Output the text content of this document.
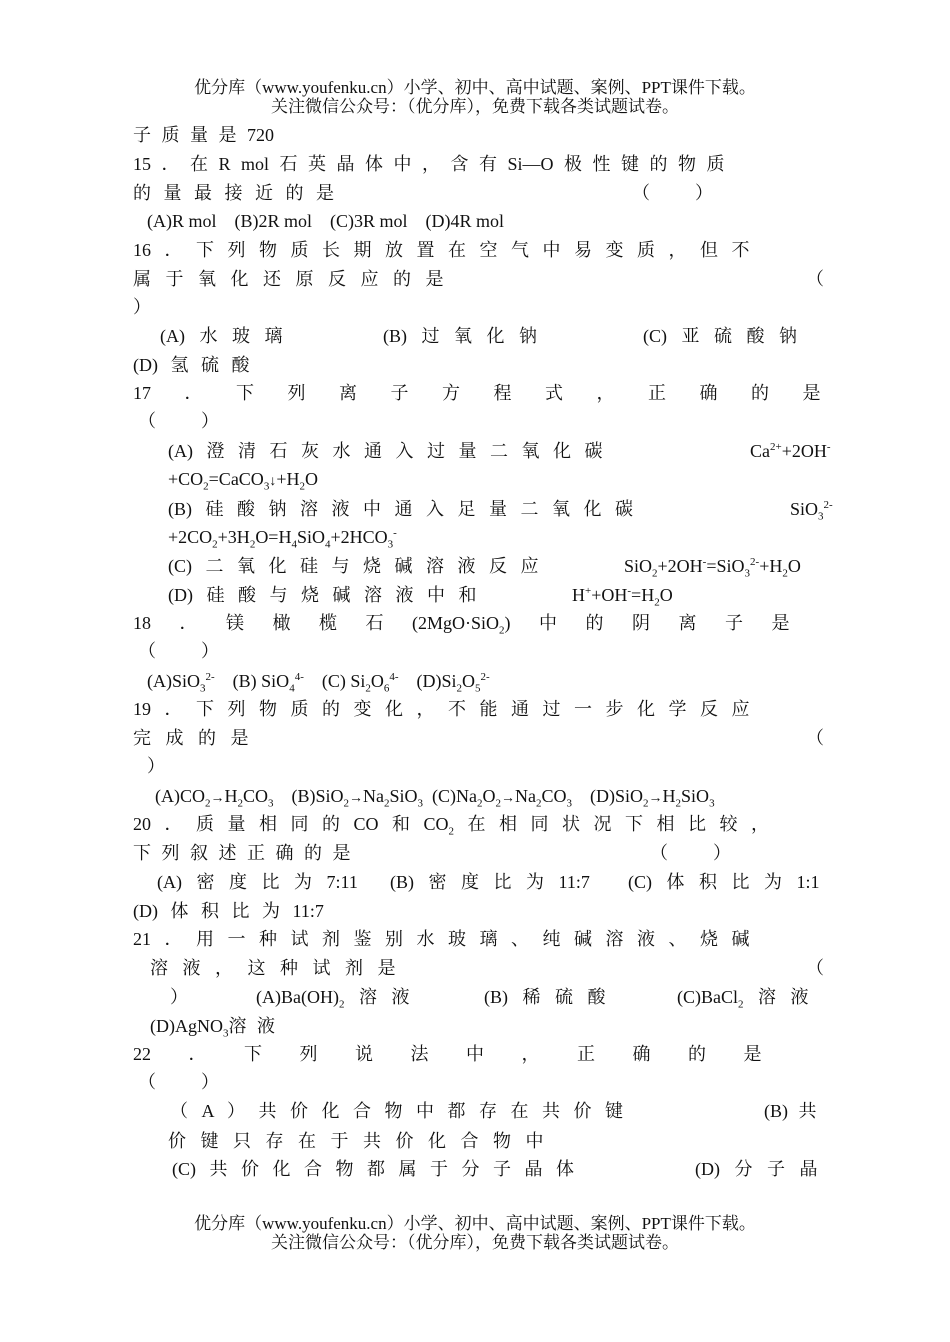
优分库（www.youfenku.cn）小学、初中、高中试题、案例、PPT课件下载。
关注微信公众号：（优分库），免费下载各类试题试卷。
子 质 量 是 720
15 ． 在 R mol 石 英 晶 体 中 ， 含 有 Si—O 极 性 键 的 物 质
的 量 最 接 近 的 是	（          ）
(A)R mol    (B)2R mol    (C)3R mol    (D)4R mol
16 ． 下 列 物 质 长 期 放 置 在 空 气 中 易 变 质 ， 但 不
属 于 氧 化 还 原 反 应 的 是	（
）
(A) 水 玻 璃	(B) 过 氧 化 钠	(C) 亚 硫 酸 钠
(D) 氢 硫 酸
17 ． 下 列 离 子 方 程 式 ， 正 确 的 是
（          ）
(A) 澄 清 石 灰 水 通 入 过 量 二 氧 化 碳	$Ca^{2+}+2OH^-$
$+CO_2=CaCO_3↓+H_2O$
(B) 硅 酸 钠 溶 液 中 通 入 足 量 二 氧 化 碳	SiO$_3^{2-}$
$+2CO_2+3H_2O=H_4SiO_4+2HCO_3^-$
(C) 二 氧 化 硅 与 烧 碱 溶 液 反 应	$SiO_2+2OH^-=SiO_3^{2-}+H_2O$
(D) 硅 酸 与 烧 碱 溶 液 中 和	$H^++OH^-=H_2O$
18 ． 镁 橄 榄 石 (2MgO·SiO$_2$) 中 的 阴 离 子 是
（          ）
(A)SiO$_3^{2-}$    (B) SiO$_4^{4-}$    (C) $Si_2O_6^{4-}$    $(D)Si_2O_5^{2-}$
19 ． 下 列 物 质 的 变 化 ， 不 能 通 过 一 步 化 学 反 应
完 成 的 是	（
）
$(A)CO_2\to H_2CO_3$    $(B)SiO_2\to Na_2SiO_3$  $(C)Na_2O_2\to Na_2CO_3$    $(D)SiO_2\to H_2SiO_3$
20 ． 质 量 相 同 的 CO 和 $CO_2$ 在 相 同 状 况 下 相 比 较 ，
下 列 叙 述 正 确 的 是	（          ）
(A) 密 度 比 为 7:11 (B) 密 度 比 为 11:7 (C) 体 积 比 为 1:1
(D) 体 积 比 为 11:7
21 ． 用 一 种 试 剂 鉴 别 水 玻 璃 、 纯 碱 溶 液 、 烧 碱
溶 液 ， 这 种 试 剂 是	（
）	$(A)Ba(OH)_2$ 溶 液	(B) 稀 硫 酸	(C)BaCl$_2$ 溶 液
(D)AgNO$_3$溶 液
22 ． 下 列 说 法 中 ， 正 确 的 是
（          ）
（ A ） 共 价 化 合 物 中 都 存 在 共 价 键	(B) 共
价 键 只 存 在 于 共 价 化 合 物 中
(C) 共 价 化 合 物 都 属 于 分 子 晶 体	(D) 分 子 晶
优分库（www.youfenku.cn）小学、初中、高中试题、案例、PPT课件下载。
关注微信公众号：（优分库），免费下载各类试题试卷。
